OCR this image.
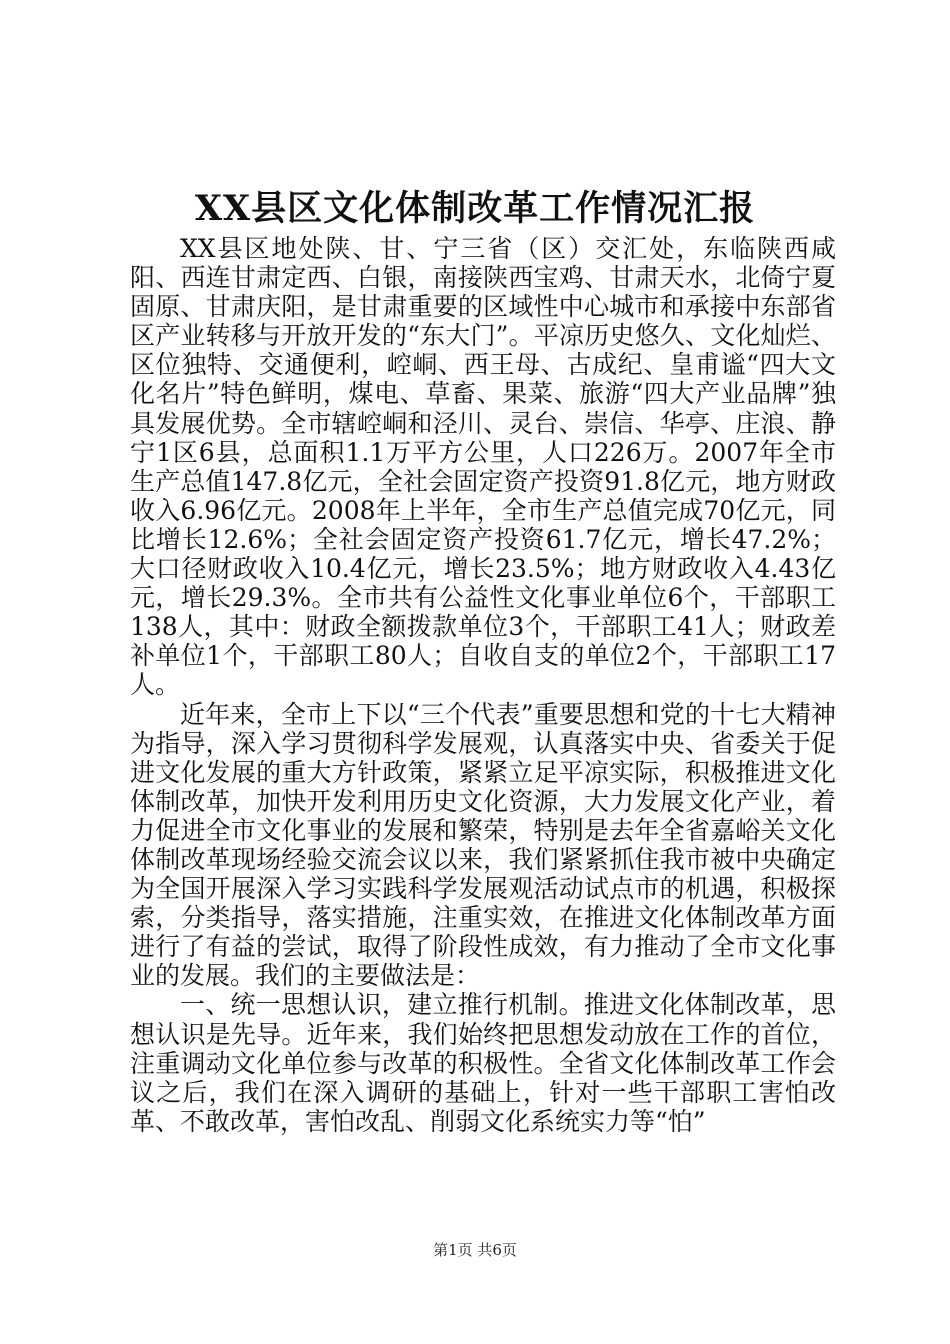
XX县区文化体制改革工作情况汇报

XX县区地处陕、甘、宁三省（区）交汇处，东临陕西咸阳、西连甘肃定西、白银，南接陕西宝鸡、甘肃天水，北倚宁夏固原、甘肃庆阳，是甘肃重要的区域性中心城市和承接中东部省区产业转移与开放开发的“东大门”。平凉历史悠久、文化灿烂、区位独特、交通便利，崆峒、西王母、古成纪、皇甫谧“四大文化名片”特色鲜明，煤电、草畜、果菜、旅游“四大产业品牌”独具发展优势。全市辖崆峒和泾川、灵台、崇信、华亭、庄浪、静宁1区6县，总面积1.1万平方公里，人口226万。2007年全市生产总值147.8亿元，全社会固定资产投资91.8亿元，地方财政收入6.96亿元。2008年上半年，全市生产总值完成70亿元，同比增长12.6%；全社会固定资产投资61.7亿元，增长47.2%；大口径财政收入10.4亿元，增长23.5%；地方财政收入4.43亿元，增长29.3%。全市共有公益性文化事业单位6个，干部职工138人，其中：财政全额拨款单位3个，干部职工41人；财政差补单位1个，干部职工80人；自收自支的单位2个，干部职工17人。

近年来，全市上下以“三个代表”重要思想和党的十七大精神为指导，深入学习贯彻科学发展观，认真落实中央、省委关于促进文化发展的重大方针政策，紧紧立足平凉实际，积极推进文化体制改革，加快开发利用历史文化资源，大力发展文化产业，着力促进全市文化事业的发展和繁荣，特别是去年全省嘉峪关文化体制改革现场经验交流会议以来，我们紧紧抓住我市被中央确定为全国开展深入学习实践科学发展观活动试点市的机遇，积极探索，分类指导，落实措施，注重实效，在推进文化体制改革方面进行了有益的尝试，取得了阶段性成效，有力推动了全市文化事业的发展。我们的主要做法是：

一、统一思想认识，建立推行机制。推进文化体制改革，思想认识是先导。近年来，我们始终把思想发动放在工作的首位，注重调动文化单位参与改革的积极性。全省文化体制改革工作会议之后，我们在深入调研的基础上，针对一些干部职工害怕改革、不敢改革，害怕改乱、削弱文化系统实力等“怕”

第1页 共6页
